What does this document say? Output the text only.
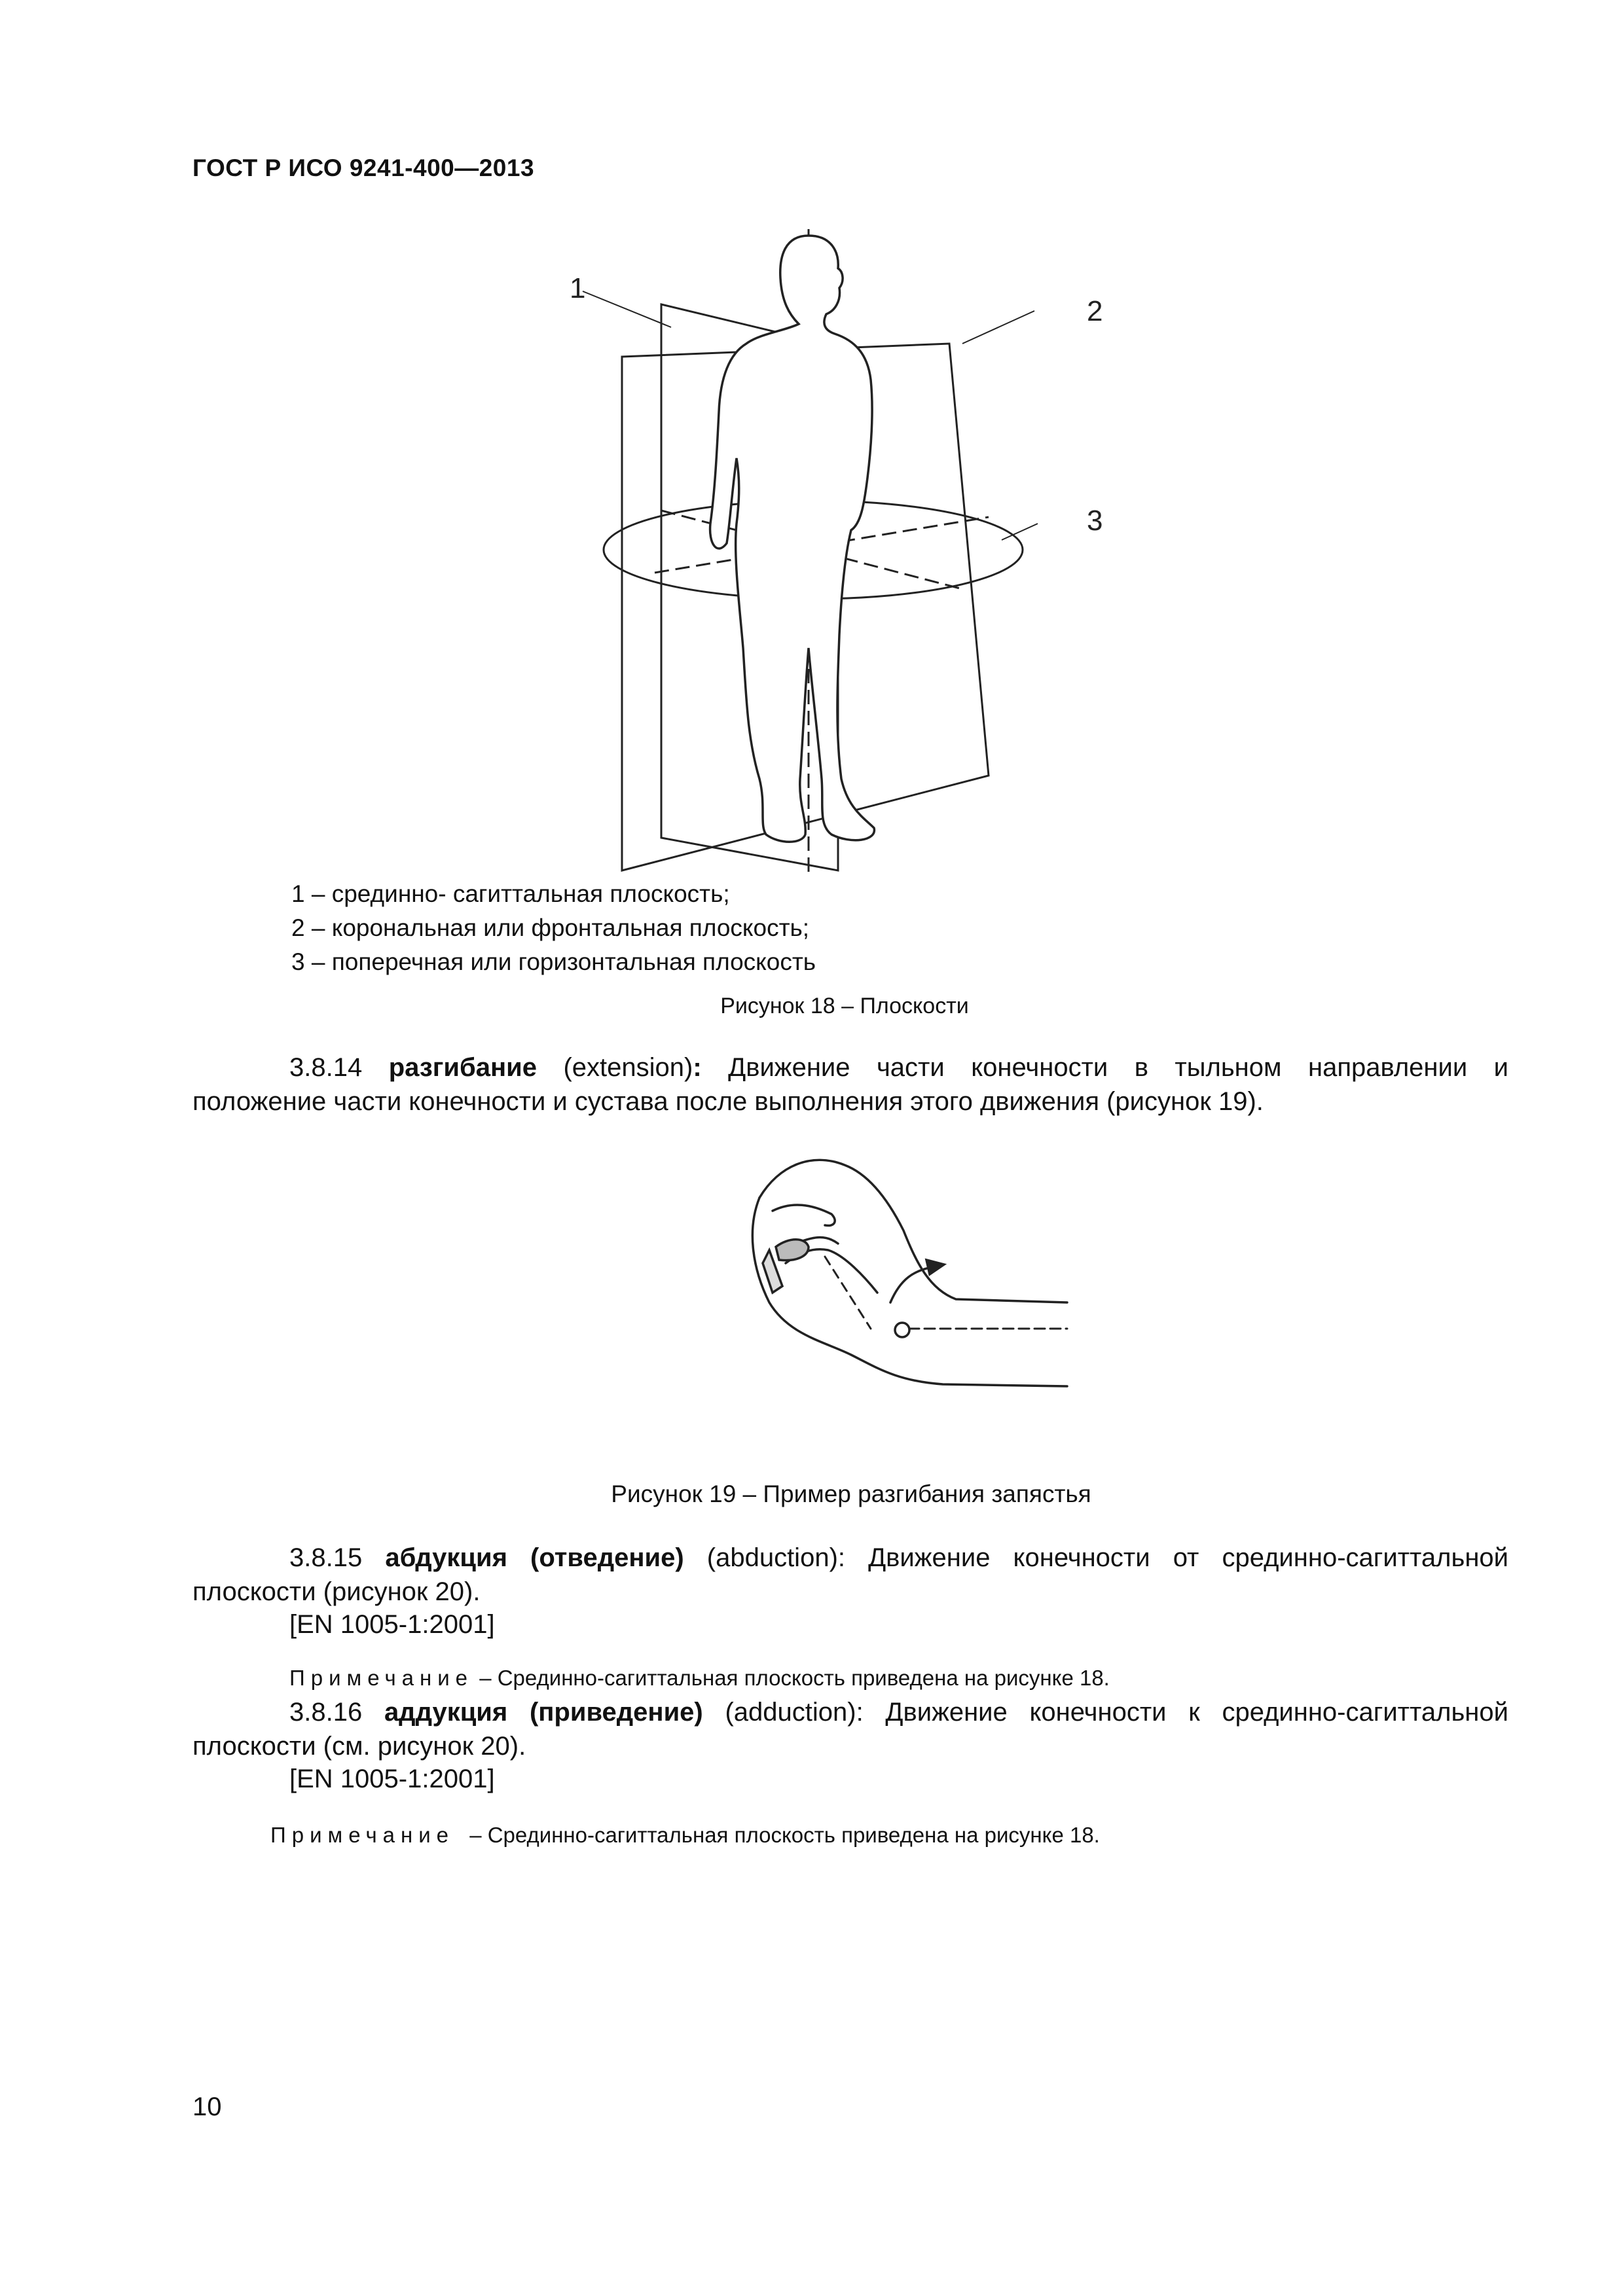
ГОСТ Р ИСО 9241-400—2013
1
2
3
1 – срединно- сагиттальная плоскость;
2 – корональная или фронтальная плоскость;
3 – поперечная или горизонтальная плоскость
Рисунок 18 – Плоскости
3.8.14 разгибание (extension): Движение части конечности в тыльном направлении и
положение части конечности и сустава после выполнения этого движения (рисунок 19).
Рисунок 19 – Пример разгибания запястья
3.8.15 абдукция (отведение) (abduction): Движение конечности от срединно-сагиттальной
плоскости (рисунок 20).
[EN 1005-1:2001]
Примечание – Срединно-сагиттальная плоскость приведена на рисунке 18.
3.8.16 аддукция (приведение) (adduction): Движение конечности к срединно-сагиттальной
плоскости (см. рисунок 20).
[EN 1005-1:2001]
Примечание – Срединно-сагиттальная плоскость приведена на рисунке 18.
10
